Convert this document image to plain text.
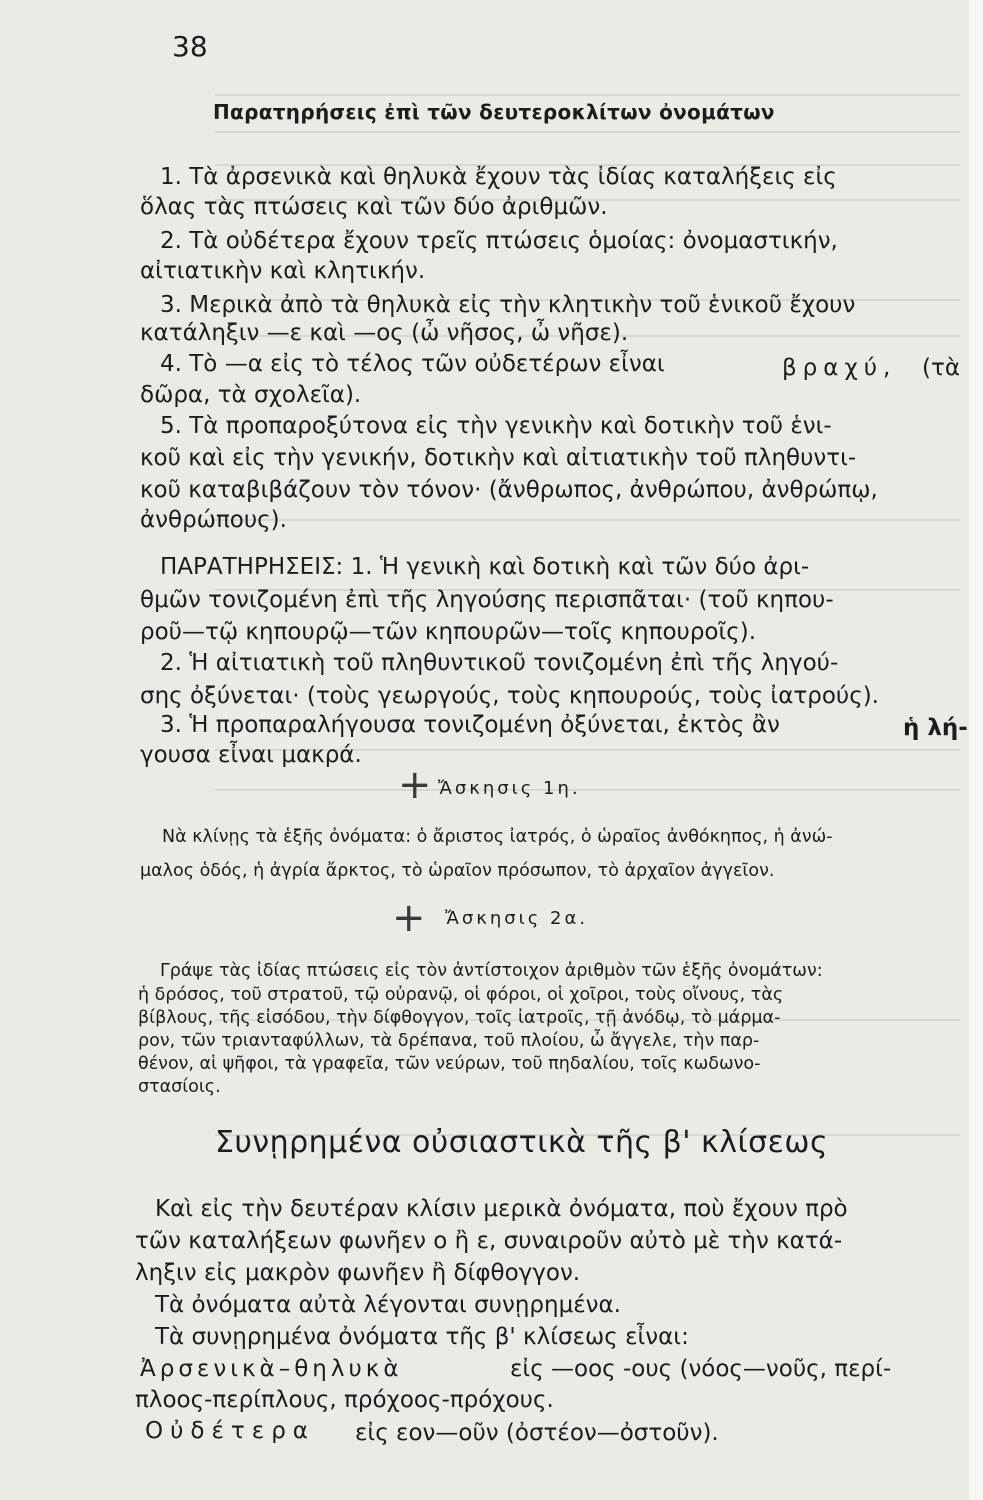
38
Παρατηρήσεις ἐπὶ τῶν δευτεροκλίτων ὀνομάτων
1. Τὰ ἀρσενικὰ καὶ θηλυκὰ ἔχουν τὰς ἰδίας καταλήξεις εἰς
ὅλας τὰς πτώσεις καὶ τῶν δύο ἀριθμῶν.
2. Τὰ οὐδέτερα ἔχουν τρεῖς πτώσεις ὁμοίας: ὀνομαστικήν,
αἰτιατικὴν καὶ κλητικήν.
3. Μερικὰ ἀπὸ τὰ θηλυκὰ εἰς τὴν κλητικὴν τοῦ ἑνικοῦ ἔχουν
κατάληξιν —ε καὶ —ος (ὦ νῆσος, ὦ νῆσε).
4. Τὸ —α εἰς τὸ τέλος τῶν οὐδετέρων εἶναι	βραχύ, (τὰ
δῶρα, τὰ σχολεῖα).
5. Τὰ προπαροξύτονα εἰς τὴν γενικὴν καὶ δοτικὴν τοῦ ἑνι-
κοῦ καὶ εἰς τὴν γενικήν, δοτικὴν καὶ αἰτιατικὴν τοῦ πληθυντι-
κοῦ καταβιβάζουν τὸν τόνον· (ἄνθρωπος, ἀνθρώπου, ἀνθρώπῳ,
ἀνθρώπους).
ΠΑΡΑΤΗΡΗΣΕΙΣ: 1. Ἡ γενικὴ καὶ δοτικὴ καὶ τῶν δύο ἀρι-
θμῶν τονιζομένη ἐπὶ τῆς ληγούσης περισπᾶται· (τοῦ κηπου-
ροῦ—τῷ κηπουρῷ—τῶν κηπουρῶν—τοῖς κηπουροῖς).
2. Ἡ αἰτιατικὴ τοῦ πληθυντικοῦ τονιζομένη ἐπὶ τῆς ληγού-
σης ὀξύνεται· (τοὺς γεωργούς, τοὺς κηπουρούς, τοὺς ἰατρούς).
3. Ἡ προπαραλήγουσα τονιζομένη ὀξύνεται, ἐκτὸς ἂν	ἡ λή-
γουσα εἶναι μακρά.
+ Ἄσκησις 1η.
Νὰ κλίνῃς τὰ ἑξῆς ὀνόματα: ὁ ἄριστος ἰατρός, ὁ ὡραῖος ἀνθόκηπος, ἡ ἀνώ-
μαλος ὁδός, ἡ ἀγρία ἄρκτος, τὸ ὡραῖον πρόσωπον, τὸ ἀρχαῖον ἀγγεῖον.
+ Ἄσκησις 2α.
Γράψε τὰς ἰδίας πτώσεις εἰς τὸν ἀντίστοιχον ἀριθμὸν τῶν ἑξῆς ὀνομάτων:
ἡ δρόσος, τοῦ στρατοῦ, τῷ οὐρανῷ, οἱ φόροι, οἱ χοῖροι, τοὺς οἴνους, τὰς
βίβλους, τῆς εἰσόδου, τὴν δίφθογγον, τοῖς ἰατροῖς, τῇ ἀνόδῳ, τὸ μάρμα-
ρον, τῶν τριανταφύλλων, τὰ δρέπανα, τοῦ πλοίου, ὦ ἄγγελε, τὴν παρ-
θένον, αἱ ψῆφοι, τὰ γραφεῖα, τῶν νεύρων, τοῦ πηδαλίου, τοῖς κωδωνο-
στασίοις.
Συνῃρημένα οὐσιαστικὰ τῆς β' κλίσεως
Καὶ εἰς τὴν δευτέραν κλίσιν μερικὰ ὀνόματα, ποὺ ἔχουν πρὸ
τῶν καταλήξεων φωνῆεν ο ἢ ε, συναιροῦν αὐτὸ μὲ τὴν κατά-
ληξιν εἰς μακρὸν φωνῆεν ἢ δίφθογγον.
Τὰ ὀνόματα αὐτὰ λέγονται συνῃρημένα.
Τὰ συνῃρημένα ὀνόματα τῆς β' κλίσεως εἶναι:
Ἀρσενικὰ–θηλυκὰ	εἰς —οος -ους (νόος—νοῦς, περί-
πλοος-περίπλους, πρόχοος-πρόχους.
Οὐδέτερα εἰς εον—οῦν (ὀστέον—ὀστοῦν).
